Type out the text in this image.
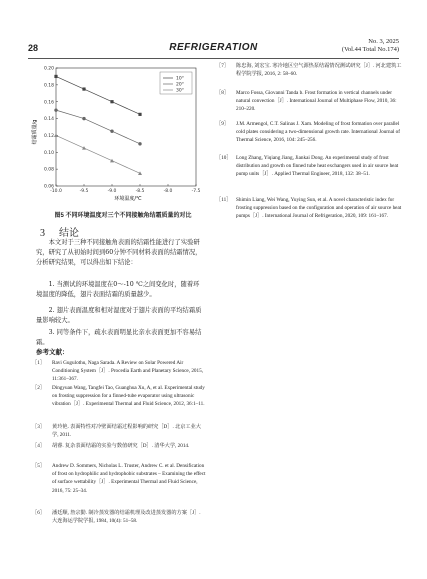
28	REFRIGERATION
No. 3, 2025
(Vol.44 Total No.174)
0.06
0.08
0.10
0.12
0.14
0.16
0.18
0.20
-10.0	-9.5	-9.0	-8.5	-8.0	-7.5
10°
20°
30°
结霜质量/g
环境温度/℃
图5 不同环境温度对三个不同接触角结霜质量的对比
3 结论
本文对于三种不同接触角表面的结霜性能进行了实验研究，研究了从初始时间到60分钟不同材料表面的结霜情况，分析研究结果，可以得出如下结论：
1. 当测试的环境温度在0～-10 ℃之间变化时，随着环境温度的降低，翅片表面结霜的质量越少。
2. 翅片表面温度和相对湿度对于翅片表面的平均结霜质量影响较大。
3. 同等条件下，疏水表面明显比亲水表面更加不容易结霜。
参考文献：
［1］	Ravi Gugulothu, Naga Sarada. A Review on Solar Powered Air Conditioning System［J］. Procedia Earth and Planetary Science, 2015, 11:361–367.
［2］	Dingyuan Wang, Tangfei Tao, Guanghua Xu, A, et al. Experimental study on frosting suppression for a finned-tube evaporator using ultrasonic vibration［J］. Experimental Thermal and Fluid Science, 2012, 36:1–11.
［3］	黄玲艳. 表面特性对冷壁面结霜过程影响的研究［D］. 北京工业大学, 2011.
［4］	胡睿. 复杂表面结霜的实验与数值研究［D］. 清华大学, 2014.
［5］	Andrew D. Sommers, Nicholas L. Truster, Andrew C. et al. Densification of frost on hydrophilic and hydrophobic substrates – Examining the effect of surface wettability［J］. Experimental Thermal and Fluid Science, 2016, 75: 25–34.
［6］	潘廷顺, 詹宗勤. 制冷蒸发器的结霜机理及改进蒸发器的方案［J］. 大连海运学院学报, 1984, 10(4): 51–58.
［7］	陈忠海, 刘宏宝. 寒冷地区空气源热泵结霜情况测试研究［J］. 河北建筑工程学院学报, 2016, 2: 58–60.
［8］	Marco Fossa, Giovanni Tanda b. Frost formation in vertical channels under natural convection［J］. International Journal of Multiphase Flow, 2010, 36: 210–220.
［9］	J.M. Armengol, C.T. Salinas J. Xam. Modeling of frost formation over parallel cold plates considering a two-dimensional growth rate. International Journal of Thermal Science, 2016, 104: 245–256.
［10］ Long Zhang, Yiqiang Jiang, Jiankai Dong. An experimental study of frost distribution and growth on finned tube heat exchangers used in air source heat pump units［J］. Applied Thermal Engineer, 2018, 132: 38–51.
［11］ Shimin Liang, Wei Wang, Yuying Sun, et al. A novel characteristic index for frosting suppression based on the configuration and operation of air source heat pumps［J］. International Journal of Refrigeration, 2020, 109: 161–167.
